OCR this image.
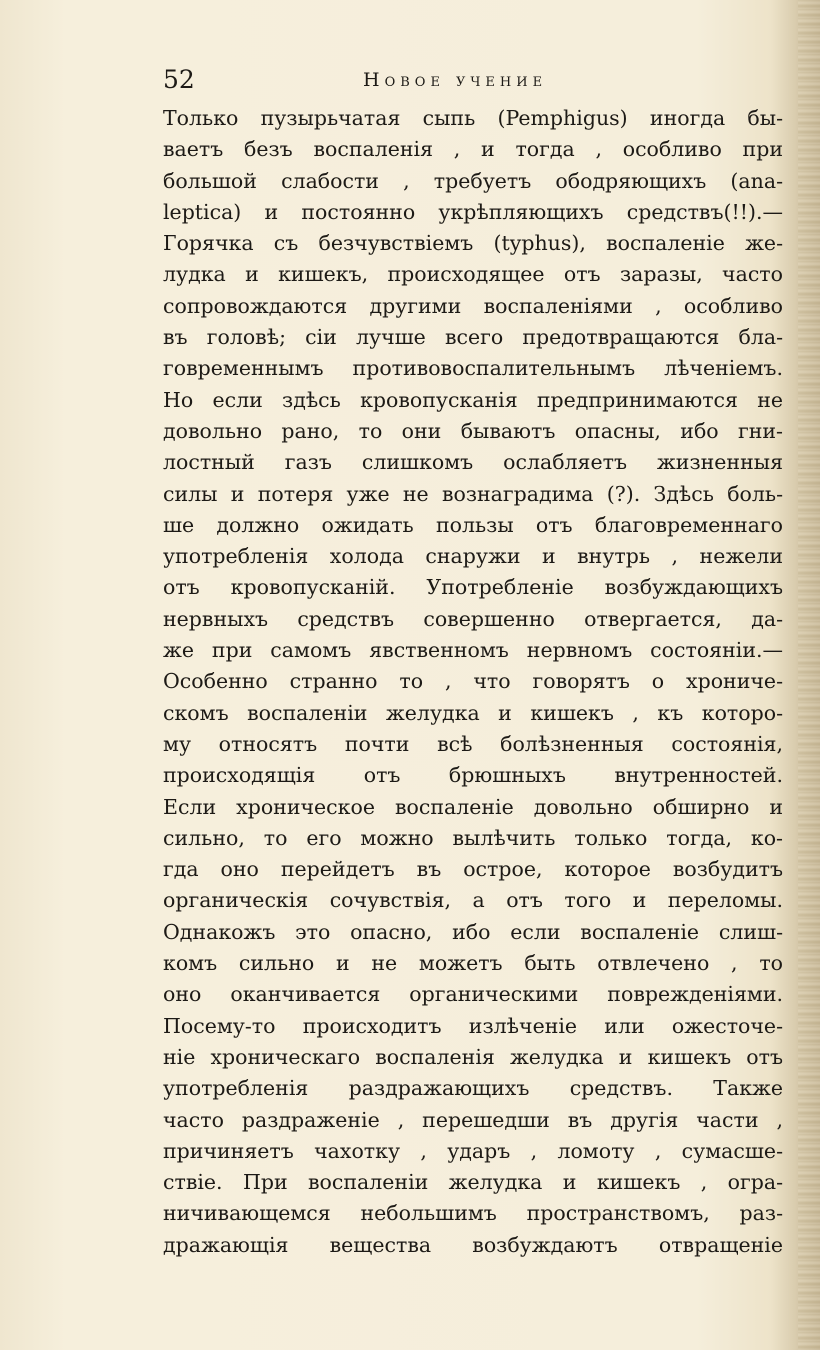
52	Новое учение
Только пузырьчатая сыпь (Pemphigus) иногда бы-
ваетъ безъ воспаленія , и тогда , особливо при
большой слабости , требуетъ ободряющихъ (ana-
leptica) и постоянно укрѣпляющихъ средствъ(!!).—
Горячка съ безчувствіемъ (typhus), воспаленіе же-
лудка и кишекъ, происходящее отъ заразы, часто
сопровождаются другими воспаленіями , особливо
въ головѣ; сіи лучше всего предотвращаются бла-
говременнымъ противовоспалительнымъ лѣченіемъ.
Но если здѣсь кровопусканія предпринимаются не
довольно рано, то они бываютъ опасны, ибо гни-
лостный газъ слишкомъ ослабляетъ жизненныя
силы и потеря уже не вознаградима (?). Здѣсь боль-
ше должно ожидать пользы отъ благовременнаго
употребленія холода снаружи и внутрь , нежели
отъ кровопусканій. Употребленіе возбуждающихъ
нервныхъ средствъ совершенно отвергается, да-
же при самомъ явственномъ нервномъ состояніи.—
Особенно странно то , что говорятъ о хрониче-
скомъ воспаленіи желудка и кишекъ , къ которо-
му относятъ почти всѣ болѣзненныя состоянія,
происходящія отъ брюшныхъ внутренностей.
Если хроническое воспаленіе довольно обширно и
сильно, то его можно вылѣчить только тогда, ко-
гда оно перейдетъ въ острое, которое возбудитъ
органическія сочувствія, а отъ того и переломы.
Однакожъ это опасно, ибо если воспаленіе слиш-
комъ сильно и не можетъ быть отвлечено , то
оно оканчивается органическими поврежденіями.
Посему-то происходитъ излѣченіе или ожесточе-
ніе хроническаго воспаленія желудка и кишекъ отъ
употребленія раздражающихъ средствъ. Также
часто раздраженіе , перешедши въ другія части ,
причиняетъ чахотку , ударъ , ломоту , сумасше-
ствіе. При воспаленіи желудка и кишекъ , огра-
ничивающемся небольшимъ пространствомъ, раз-
дражающія вещества возбуждаютъ отвращеніе
